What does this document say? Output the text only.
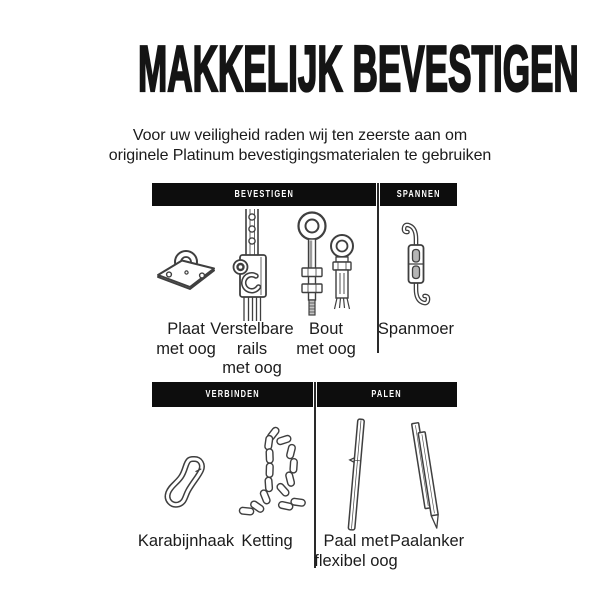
MAKKELIJK BEVESTIGEN
Voor uw veiligheid raden wij ten zeerste aan om
originele Platinum bevestigingsmaterialen te gebruiken
BEVESTIGEN	SPANNEN
VERBINDEN	PALEN
Plaat
met oog
Verstelbare
rails
met oog
Bout
met oog
Spanmoer
Karabijnhaak Ketting	Paal met
flexibel oog
Paalanker
